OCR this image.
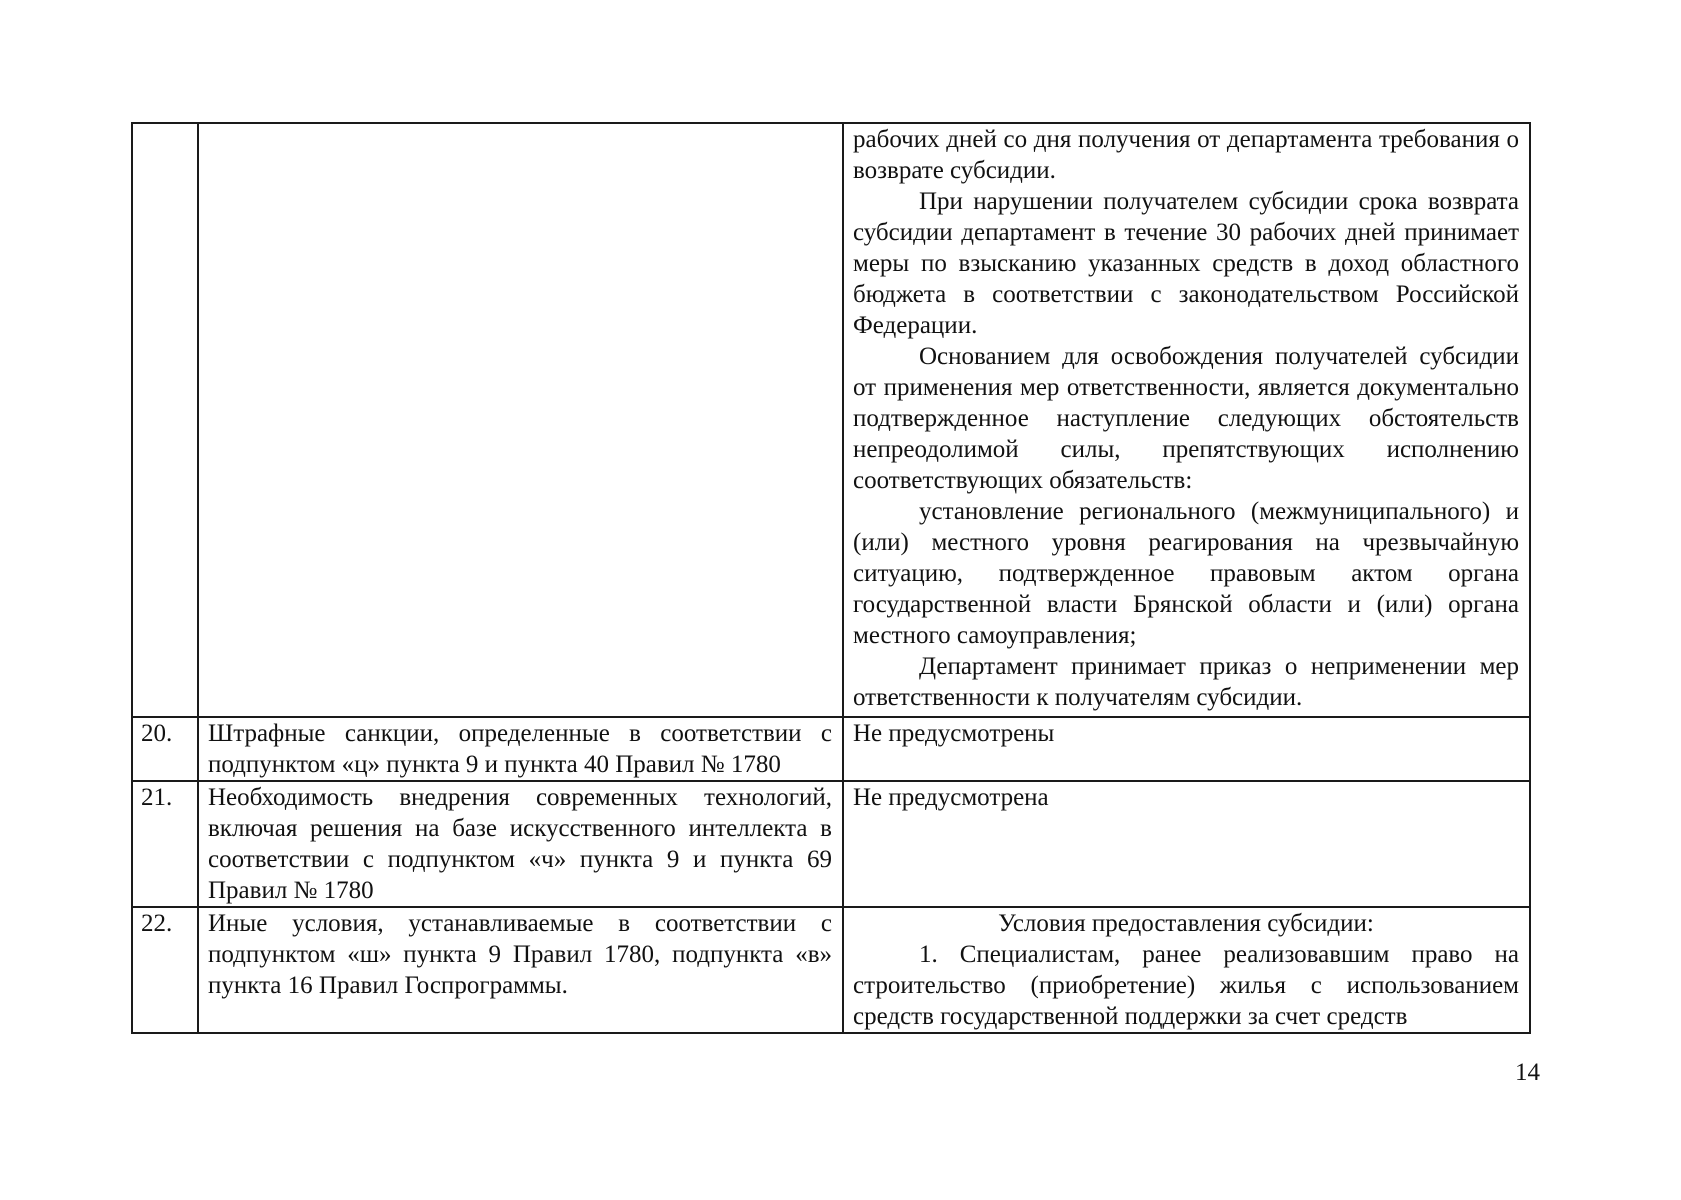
		рабочих дней со дня получения от департамента требования о возврате субсидии.

При нарушении получателем субсидии срока возврата субсидии департамент в течение 30 рабочих дней принимает меры по взысканию указанных средств в доход областного бюджета в соответствии с законодательством Российской Федерации.

Основанием для освобождения получателей субсидии от применения мер ответственности, является документально подтвержденное наступление следующих обстоятельств непреодолимой силы, препятствующих исполнению соответствующих обязательств:

установление регионального (межмуниципального) и (или) местного уровня реагирования на чрезвычайную ситуацию, подтвержденное правовым актом органа государственной власти Брянской области и (или) органа местного самоуправления;

Департамент принимает приказ о неприменении мер ответственности к получателям субсидии.

20.	Штрафные санкции, определенные в соответствии с подпунктом «ц» пункта 9 и пункта 40 Правил № 1780	Не предусмотрены

21.	Необходимость внедрения современных технологий, включая решения на базе искусственного интеллекта в соответствии с подпунктом «ч» пункта 9 и пункта 69 Правил № 1780	Не предусмотрена

22.	Иные условия, устанавливаемые в соответствии с подпунктом «ш» пункта 9 Правил 1780, подпункта «в» пункта 16 Правил Госпрограммы.	Условия предоставления субсидии:

1. Специалистам, ранее реализовавшим право на строительство (приобретение) жилья с использованием средств государственной поддержки за счет средств

14
